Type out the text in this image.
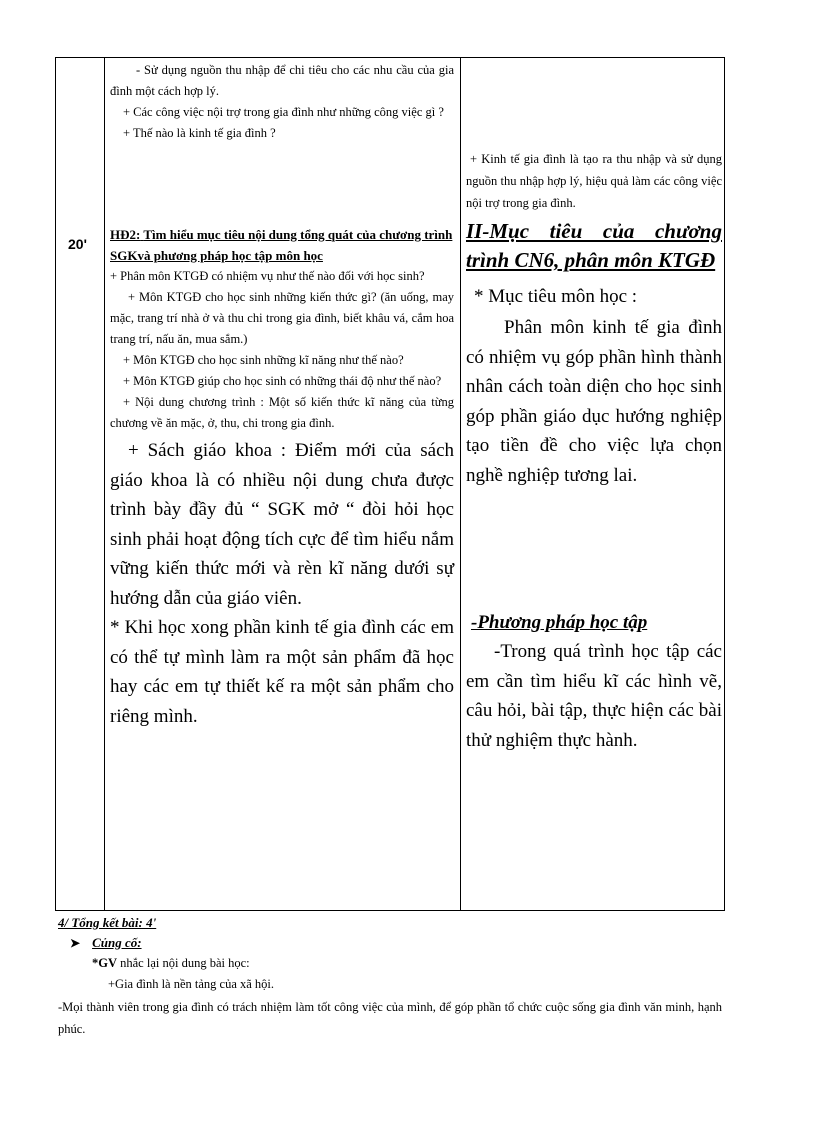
20'

- Sử dụng nguồn thu nhập để chi tiêu cho các nhu cầu của gia đình một cách hợp lý.

+ Các công việc nội trợ trong gia đình như những công việc gì ?

+ Thế nào là kinh tế gia đình ?

HĐ2: Tìm hiểu mục tiêu nội dung tổng quát của chương trình SGKvà phương pháp học tập môn học

+ Phân môn KTGĐ có nhiệm vụ như thế nào đối với học sinh?

+ Môn KTGĐ cho học sinh những kiến thức gì? (ăn uống, may mặc, trang trí nhà ở và thu chi trong gia đình, biết khâu vá, cắm hoa trang trí, nấu ăn, mua sắm.)

+ Môn KTGĐ cho học sinh những kĩ năng như thế nào?

+ Môn KTGĐ giúp cho học sinh có những thái độ như thế nào?

+ Nội dung chương trình : Một số kiến thức kĩ năng của từng chương về ăn mặc, ở, thu, chi trong gia đình.

+ Sách giáo khoa : Điểm mới của sách giáo khoa là có nhiều nội dung chưa được trình bày đầy đủ “ SGK mở “ đòi hỏi học sinh phải hoạt động tích cực để tìm hiểu nắm vững kiến thức mới và rèn kĩ năng dưới sự hướng dẫn của giáo viên.

* Khi học xong phần kinh tế gia đình các em có thể tự mình làm ra một sản phẩm đã học hay các em tự thiết kế ra một sản phẩm cho riêng mình.

+ Kinh tế gia đình là tạo ra thu nhập và sử dụng nguồn thu nhập hợp lý, hiệu quả làm các công việc nội trợ trong gia đình.
II-Mục tiêu của chương trình CN6, phân môn KTGĐ
* Mục tiêu môn học :
Phân môn kinh tế gia đình có nhiệm vụ góp phần hình thành nhân cách toàn diện cho học sinh góp phần giáo dục hướng nghiệp tạo tiền đề cho việc lựa chọn nghề nghiệp tương lai.
-Phương pháp học tập
-Trong quá trình học tập các em cần tìm hiểu kĩ các hình vẽ, câu hỏi, bài tập, thực hiện các bài thử nghiệm thực hành.
4/ Tổng kết bài: 4'
➤ Củng cố:
*GV nhắc lại nội dung bài học:
+Gia đình là nền tảng của xã hội.
-Mọi thành viên trong gia đình có trách nhiệm làm tốt công việc của mình, để góp phần tổ chức cuộc sống gia đình văn minh, hạnh phúc.
